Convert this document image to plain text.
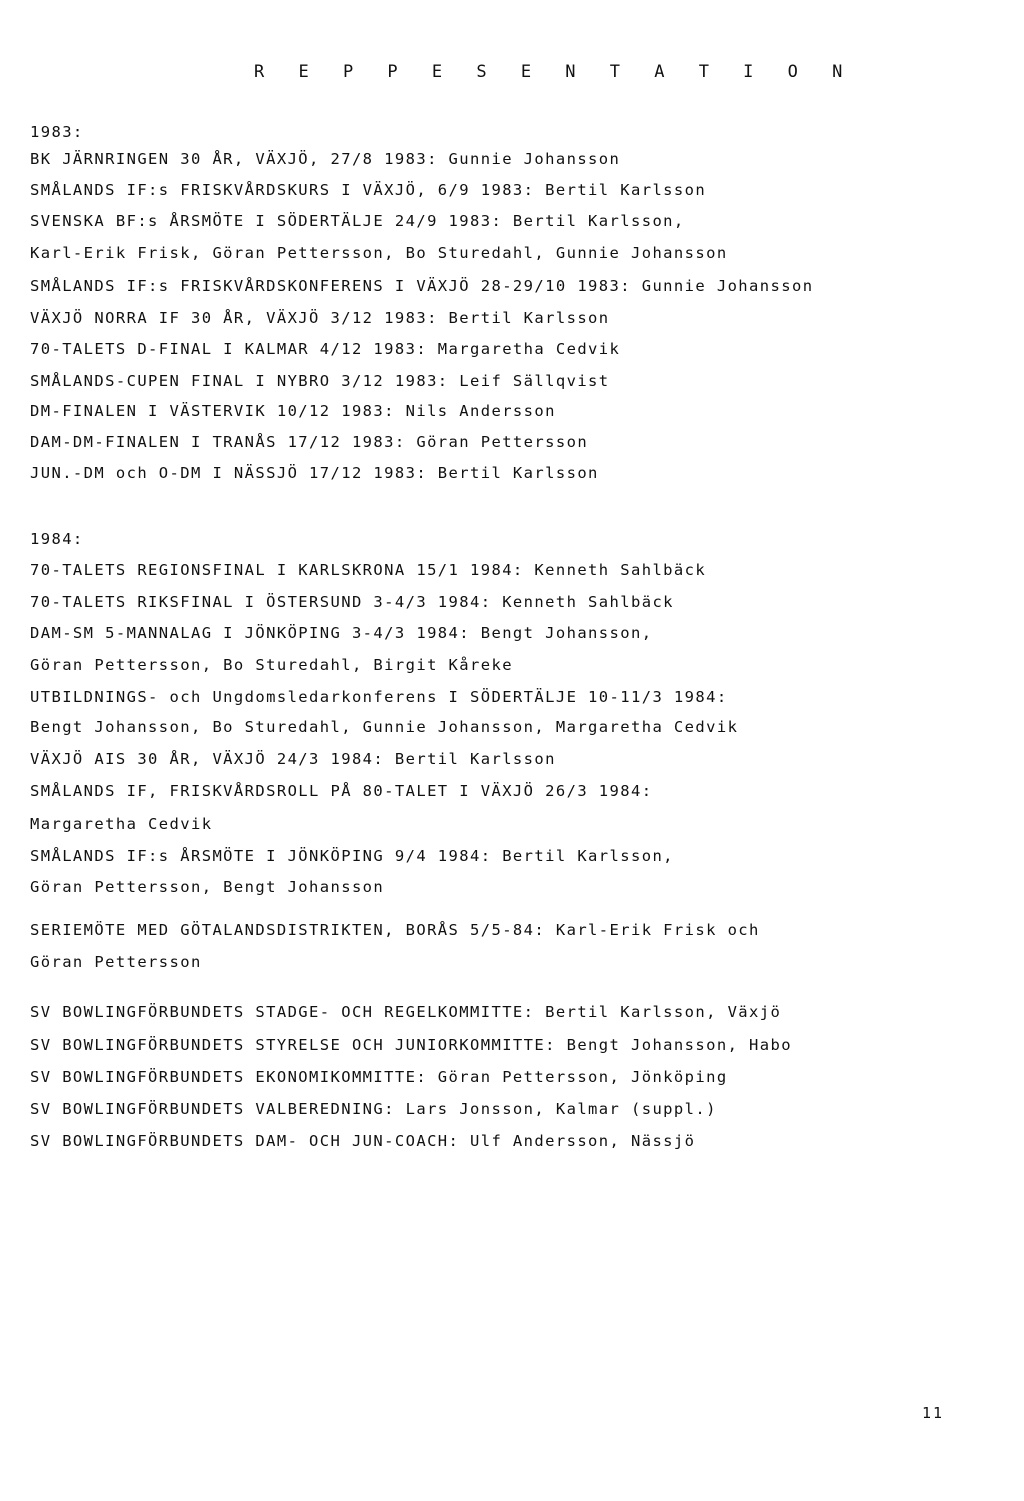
R E P P E S E N T A T I O N
1983:
BK JÄRNRINGEN 30 ÅR, VÄXJÖ, 27/8 1983: Gunnie Johansson
SMÅLANDS IF:s FRISKVÅRDSKURS I VÄXJÖ, 6/9 1983: Bertil Karlsson
SVENSKA BF:s ÅRSMÖTE I SÖDERTÄLJE 24/9 1983: Bertil Karlsson,
Karl-Erik Frisk, Göran Pettersson, Bo Sturedahl, Gunnie Johansson
SMÅLANDS IF:s FRISKVÅRDSKONFERENS I VÄXJÖ 28-29/10 1983: Gunnie Johansson
VÄXJÖ NORRA IF 30 ÅR, VÄXJÖ 3/12 1983: Bertil Karlsson
70-TALETS D-FINAL I KALMAR 4/12 1983: Margaretha Cedvik
SMÅLANDS-CUPEN FINAL I NYBRO 3/12 1983: Leif Sällqvist
DM-FINALEN I VÄSTERVIK 10/12 1983: Nils Andersson
DAM-DM-FINALEN I TRANÅS 17/12 1983: Göran Pettersson
JUN.-DM och O-DM I NÄSSJÖ 17/12 1983: Bertil Karlsson
1984:
70-TALETS REGIONSFINAL I KARLSKRONA 15/1 1984: Kenneth Sahlbäck
70-TALETS RIKSFINAL I ÖSTERSUND 3-4/3 1984: Kenneth Sahlbäck
DAM-SM 5-MANNALAG I JÖNKÖPING 3-4/3 1984: Bengt Johansson,
Göran Pettersson, Bo Sturedahl, Birgit Kåreke
UTBILDNINGS- och Ungdomsledarkonferens I SÖDERTÄLJE 10-11/3 1984:
Bengt Johansson, Bo Sturedahl, Gunnie Johansson, Margaretha Cedvik
VÄXJÖ AIS 30 ÅR, VÄXJÖ 24/3 1984: Bertil Karlsson
SMÅLANDS IF, FRISKVÅRDSROLL PÅ 80-TALET I VÄXJÖ 26/3 1984:
Margaretha Cedvik
SMÅLANDS IF:s ÅRSMÖTE I JÖNKÖPING 9/4 1984: Bertil Karlsson,
Göran Pettersson, Bengt Johansson
SERIEMÖTE MED GÖTALANDSDISTRIKTEN, BORÅS 5/5-84: Karl-Erik Frisk och
Göran Pettersson
SV BOWLINGFÖRBUNDETS STADGE- OCH REGELKOMMITTE: Bertil Karlsson, Växjö
SV BOWLINGFÖRBUNDETS STYRELSE OCH JUNIORKOMMITTE: Bengt Johansson, Habo
SV BOWLINGFÖRBUNDETS EKONOMIKOMMITTE: Göran Pettersson, Jönköping
SV BOWLINGFÖRBUNDETS VALBEREDNING: Lars Jonsson, Kalmar (suppl.)
SV BOWLINGFÖRBUNDETS DAM- OCH JUN-COACH: Ulf Andersson, Nässjö
11
